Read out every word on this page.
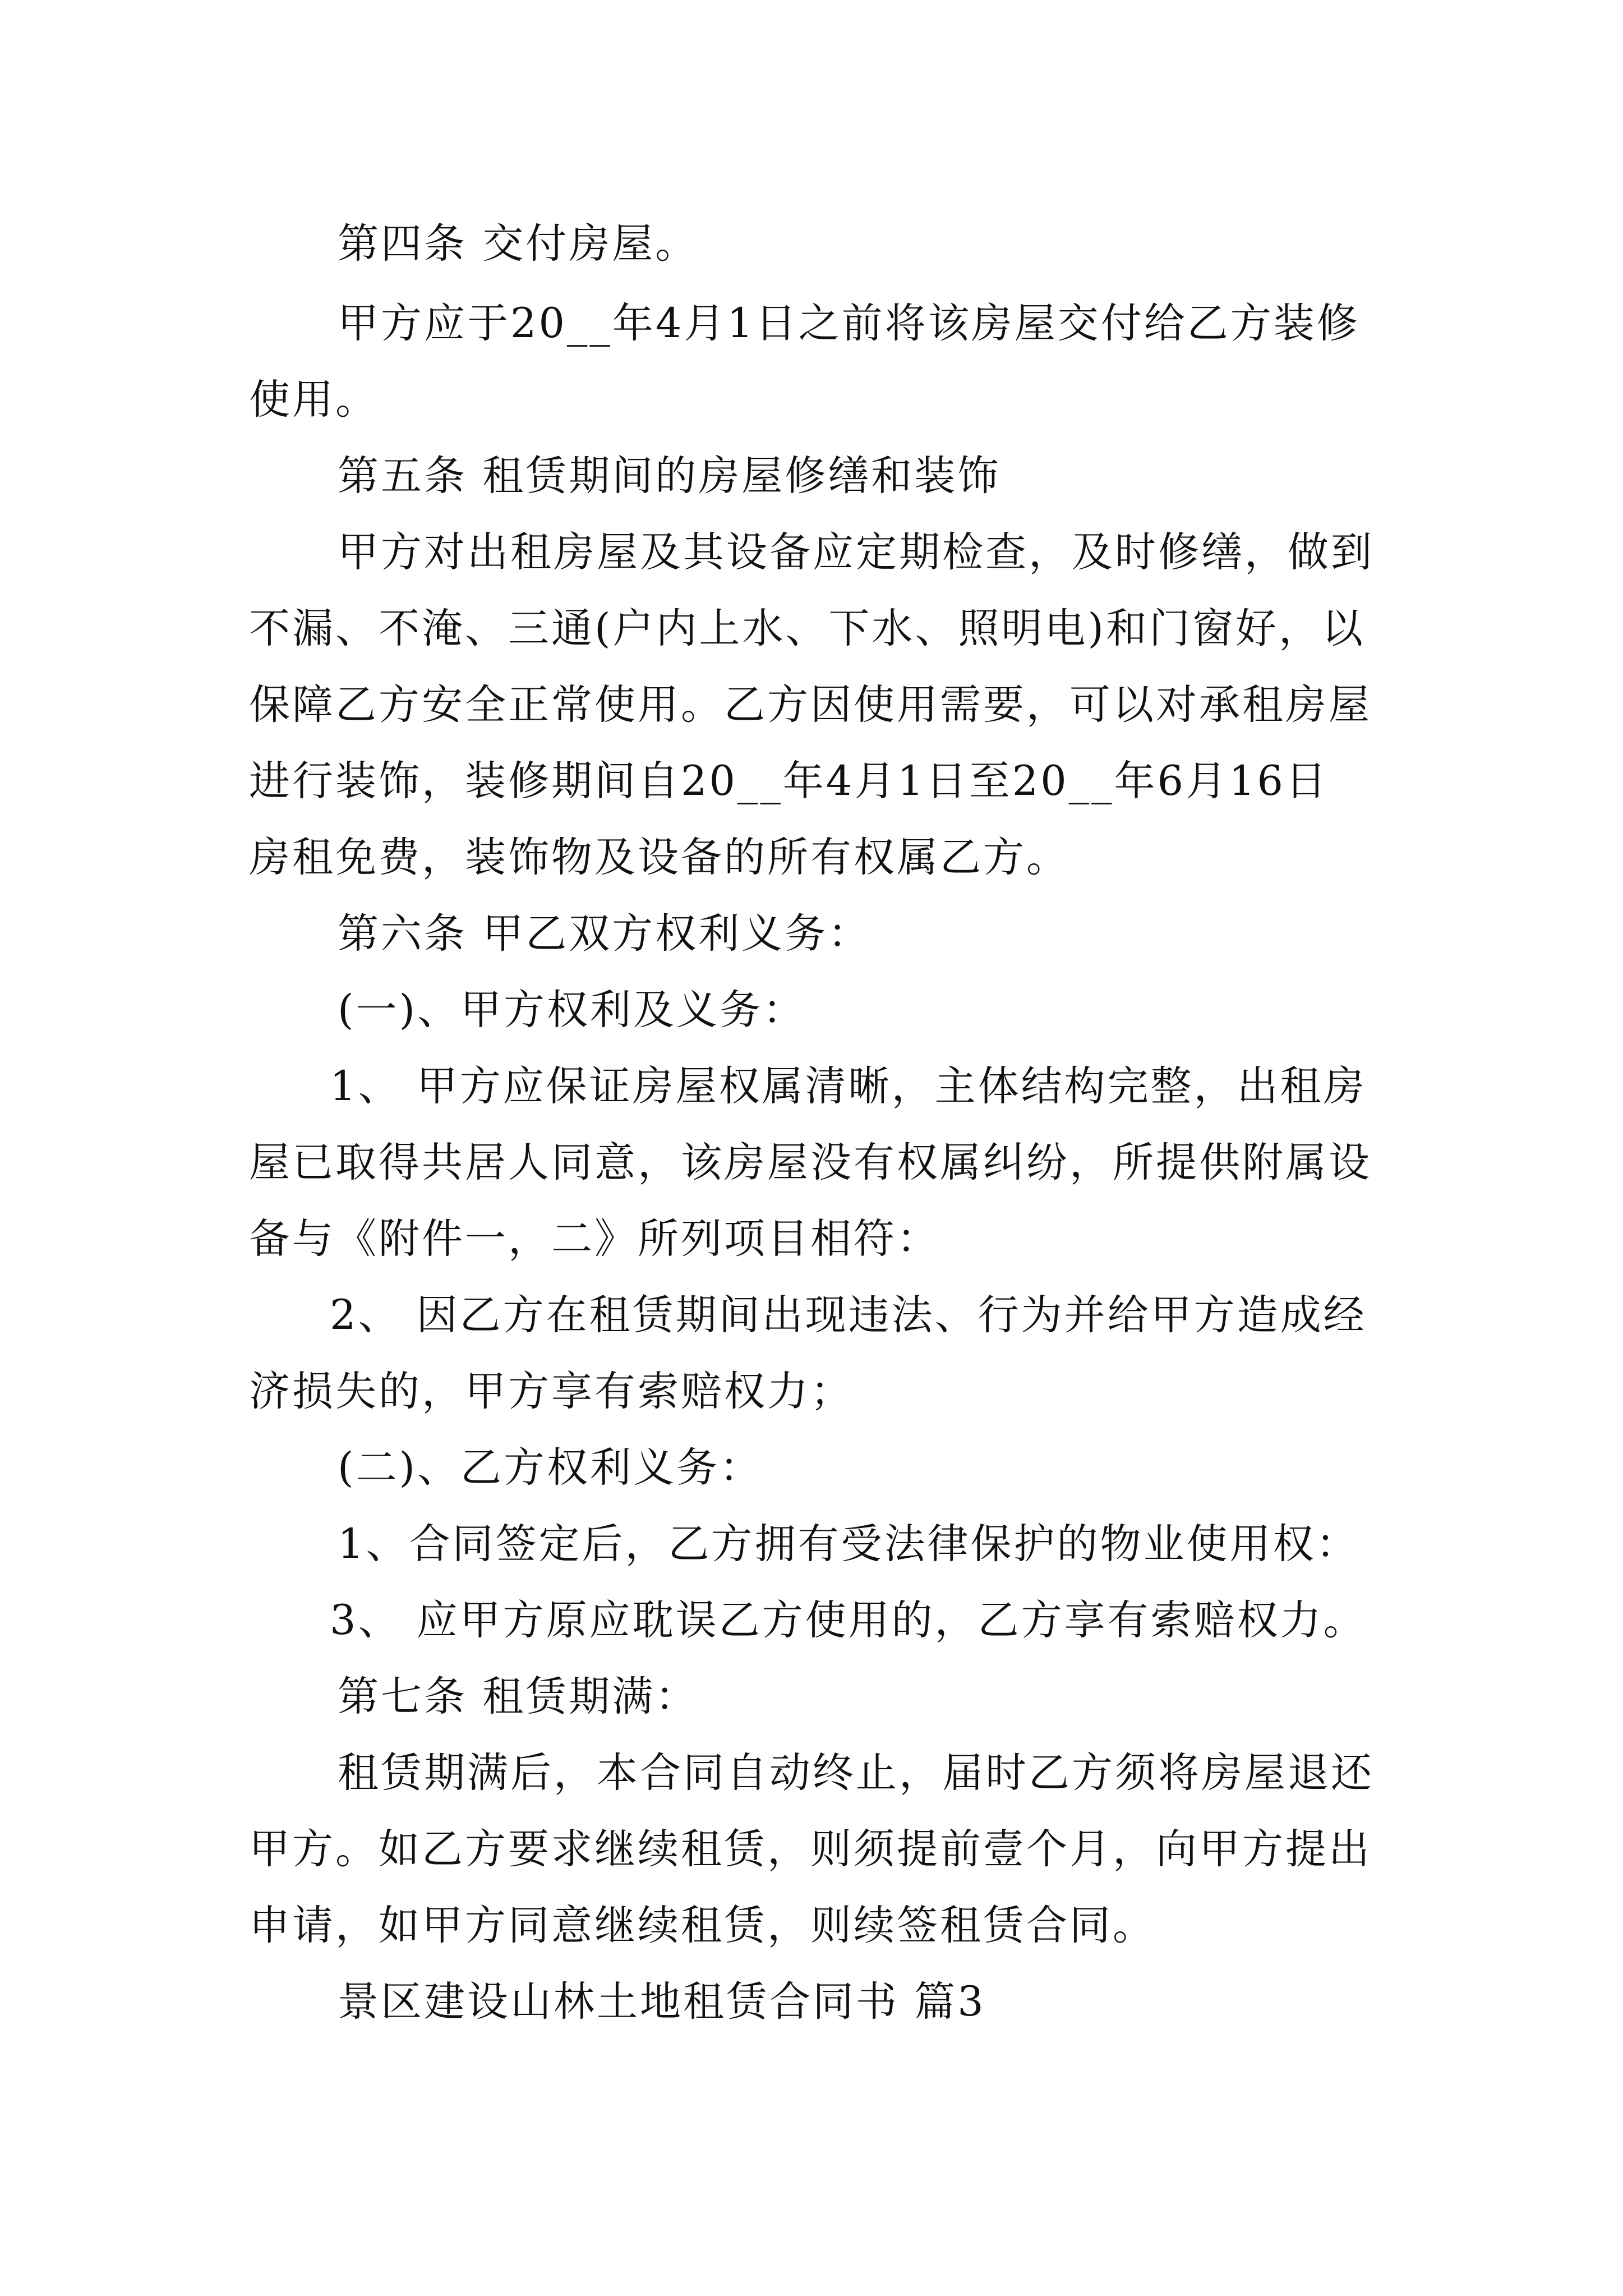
第四条 交付房屋。
甲方应于20__年4月1日之前将该房屋交付给乙方装修
使用。
第五条 租赁期间的房屋修缮和装饰
甲方对出租房屋及其设备应定期检查，及时修缮，做到
不漏、不淹、三通(户内上水、下水、照明电)和门窗好，以
保障乙方安全正常使用。乙方因使用需要，可以对承租房屋
进行装饰，装修期间自20__年4月1日至20__年6月16日
房租免费，装饰物及设备的所有权属乙方。
第六条 甲乙双方权利义务：
(一)、甲方权利及义务：
1、 甲方应保证房屋权属清晰，主体结构完整，出租房
屋已取得共居人同意，该房屋没有权属纠纷，所提供附属设
备与《附件一，二》所列项目相符：
2、 因乙方在租赁期间出现违法、行为并给甲方造成经
济损失的，甲方享有索赔权力；
(二)、乙方权利义务：
1、合同签定后，乙方拥有受法律保护的物业使用权：
3、 应甲方原应耽误乙方使用的，乙方享有索赔权力。
第七条 租赁期满：
租赁期满后，本合同自动终止，届时乙方须将房屋退还
甲方。如乙方要求继续租赁，则须提前壹个月，向甲方提出
申请，如甲方同意继续租赁，则续签租赁合同。
景区建设山林土地租赁合同书 篇3
